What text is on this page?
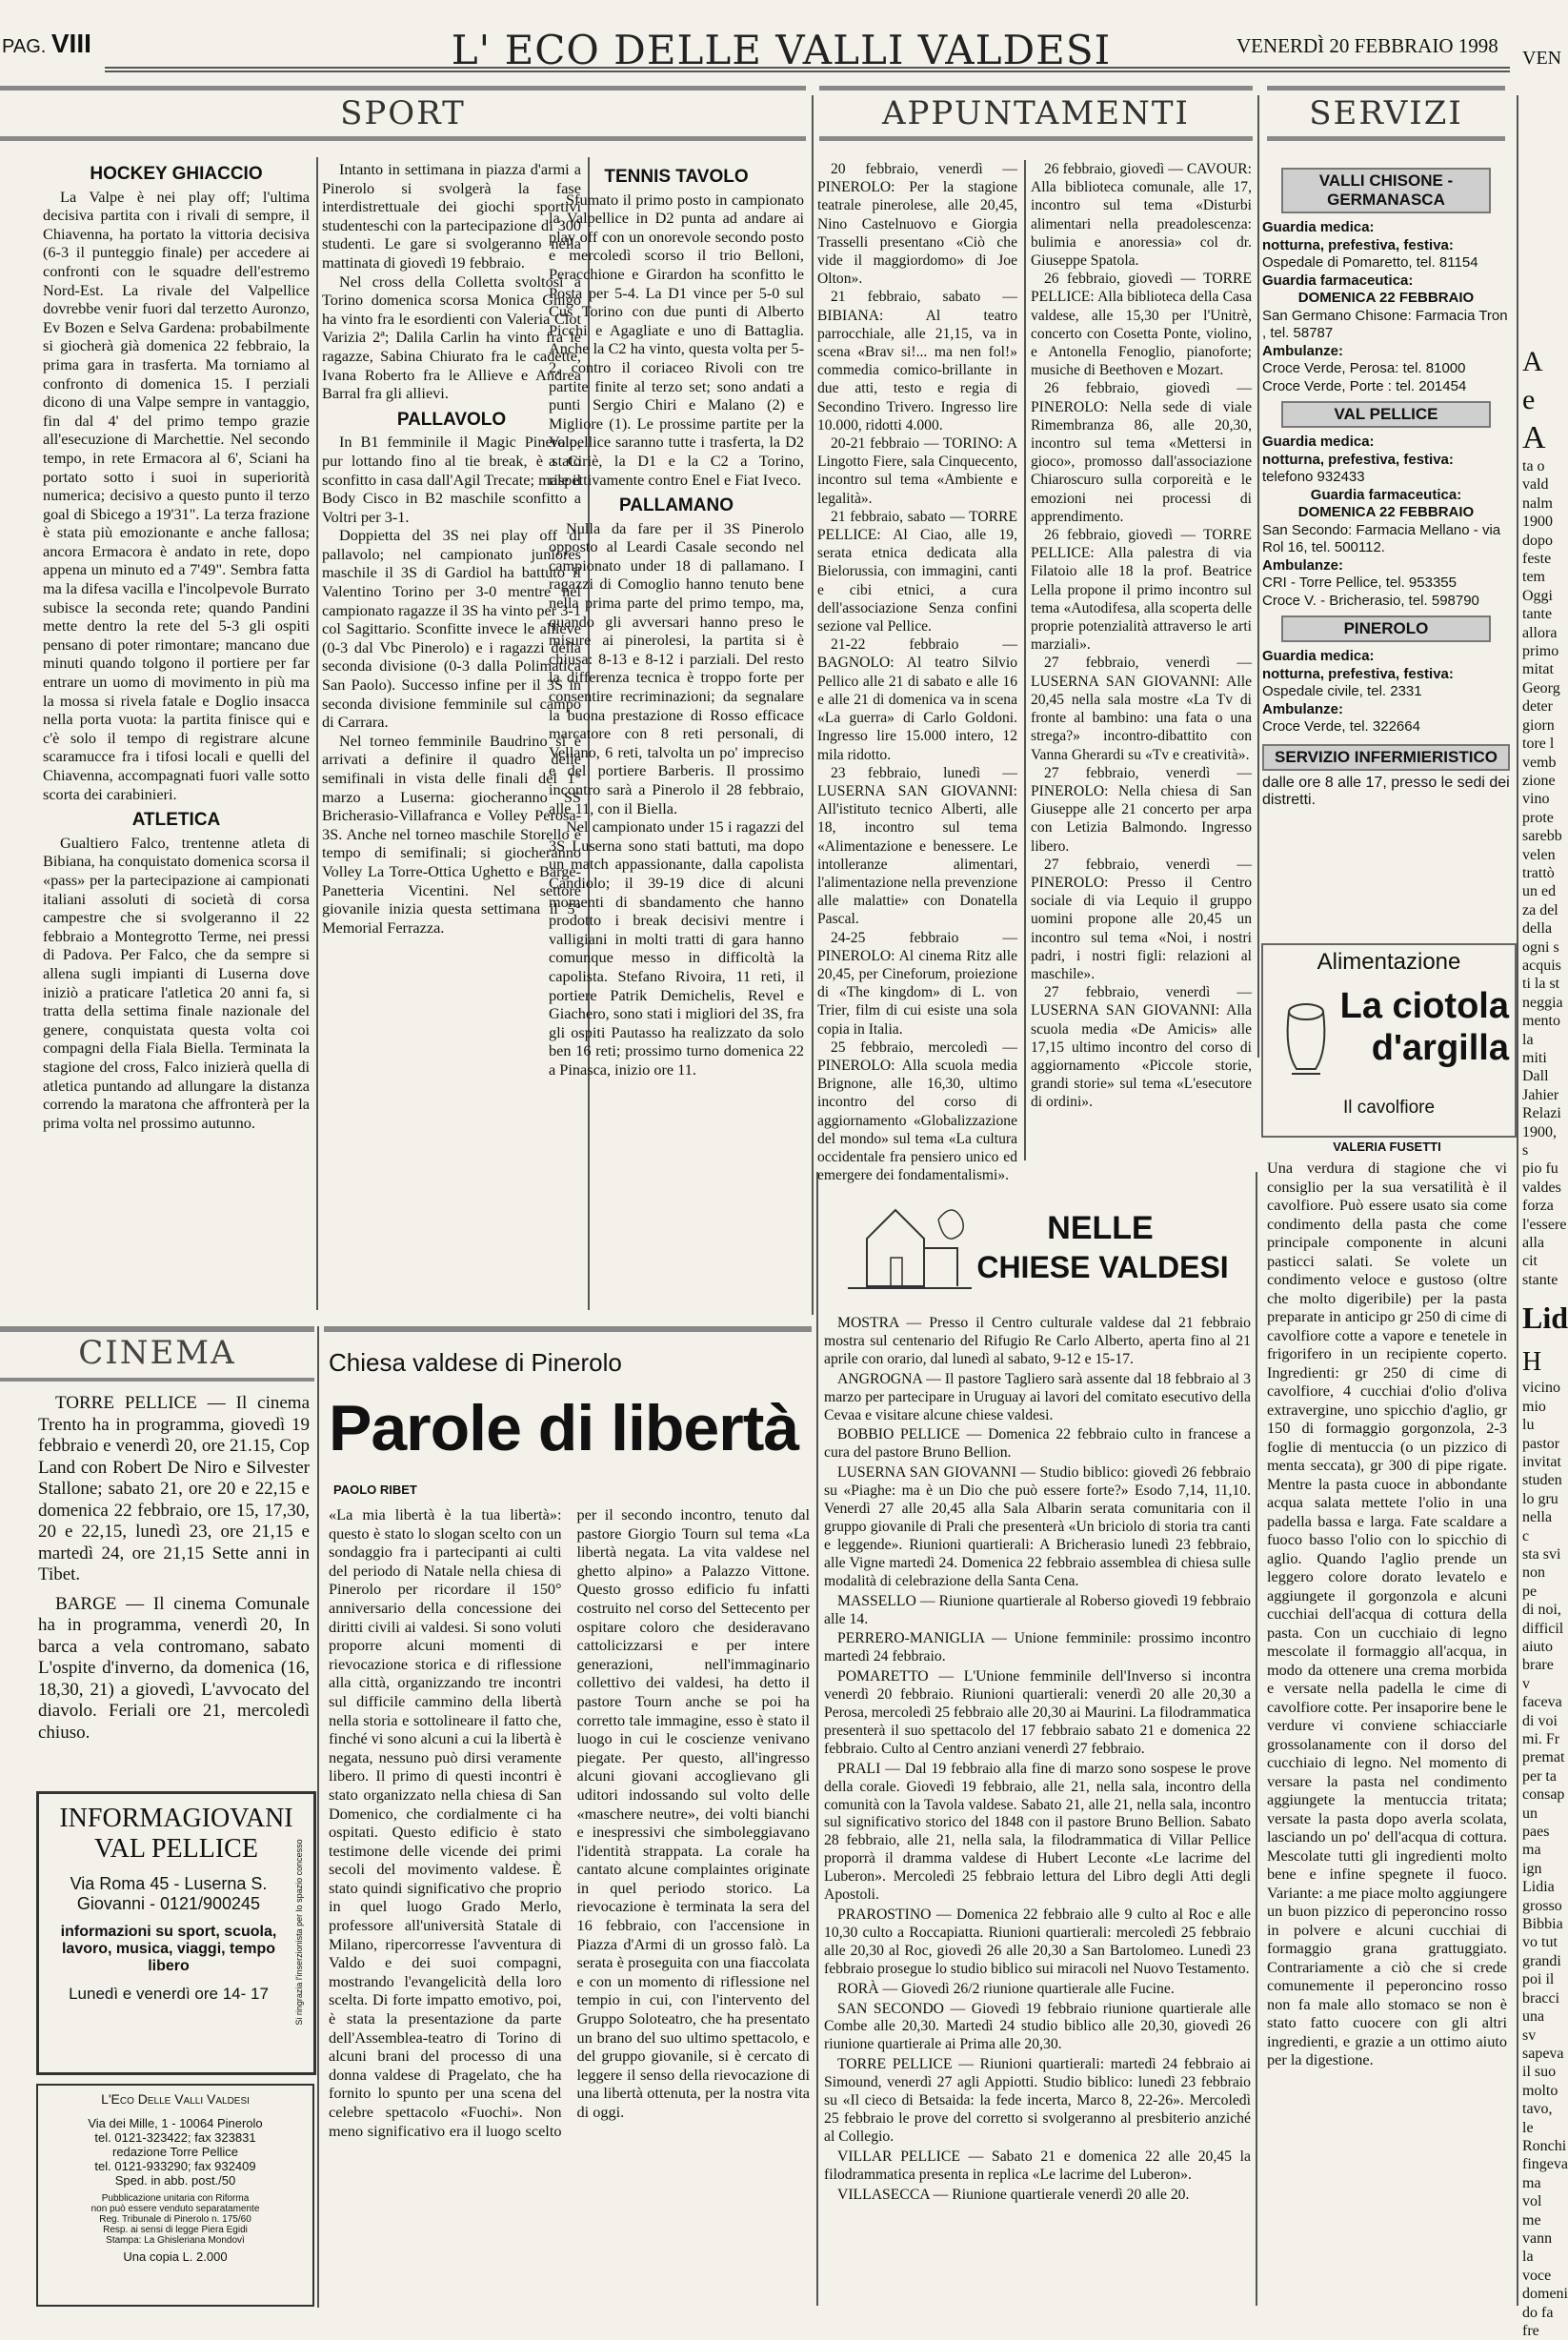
PAG. VIII	L' ECO DELLE VALLI VALDESI	VENERDÌ 20 FEBBRAIO 1998
VEN
SPORT	APPUNTAMENTI	SERVIZI
HOCKEY GHIACCIO

La Valpe è nei play off; l'ultima decisiva partita con i rivali di sempre, il Chiavenna, ha portato la vittoria decisiva (6-3 il punteggio finale) per accedere ai confronti con le squadre dell'estremo Nord-Est. La rivale del Valpellice dovrebbe venir fuori dal terzetto Auronzo, Ev Bozen e Selva Gardena: probabilmente si giocherà già domenica 22 febbraio, la prima gara in trasferta. Ma torniamo al confronto di domenica 15. I perziali dicono di una Valpe sempre in vantaggio, fin dal 4' del primo tempo grazie all'esecuzione di Marchettie. Nel secondo tempo, in rete Ermacora al 6', Sciani ha portato sotto i suoi in superiorità numerica; decisivo a questo punto il terzo goal di Sbicego a 19'31". La terza frazione è stata più emozionante e anche fallosa; ancora Ermacora è andato in rete, dopo appena un minuto ed a 7'49". Sembra fatta ma la difesa vacilla e l'incolpevole Burrato subisce la seconda rete; quando Pandini mette dentro la rete del 5-3 gli ospiti pensano di poter rimontare; mancano due minuti quando tolgono il portiere per far entrare un uomo di movimento in più ma la mossa si rivela fatale e Doglio insacca nella porta vuota: la partita finisce qui e c'è solo il tempo di registrare alcune scaramucce fra i tifosi locali e quelli del Chiavenna, accompagnati fuori valle sotto scorta dei carabinieri.

ATLETICA

Gualtiero Falco, trentenne atleta di Bibiana, ha conquistato domenica scorsa il «pass» per la partecipazione ai campionati italiani assoluti di società di corsa campestre che si svolgeranno il 22 febbraio a Montegrotto Terme, nei pressi di Padova. Per Falco, che da sempre si allena sugli impianti di Luserna dove iniziò a praticare l'atletica 20 anni fa, si tratta della settima finale nazionale del genere, conquistata questa volta coi compagni della Fiala Biella. Terminata la stagione del cross, Falco inizierà quella di atletica puntando ad allungare la distanza correndo la maratona che affronterà per la prima volta nel prossimo autunno.

Intanto in settimana in piazza d'armi a Pinerolo si svolgerà la fase interdistrettuale dei giochi sportivi studenteschi con la partecipazione di 300 studenti. Le gare si svolgeranno nella mattinata di giovedì 19 febbraio.

Nel cross della Colletta svoltosi a Torino domenica scorsa Monica Ghigo ha vinto fra le esordienti con Valeria Clot Varizia 2ª; Dalila Carlin ha vinto fra le ragazze, Sabina Chiurato fra le cadette, Ivana Roberto fra le Allieve e Andrea Barral fra gli allievi.

PALLAVOLO

In B1 femminile il Magic Pinerolo, pur lottando fino al tie break, è stato sconfitto in casa dall'Agil Trecate; male il Body Cisco in B2 maschile sconfitto a Voltri per 3-1.

Doppietta del 3S nei play off di pallavolo; nel campionato juniores maschile il 3S di Gardiol ha battuto il Valentino Torino per 3-0 mentre nel campionato ragazze il 3S ha vinto per 3-1 col Sagittario. Sconfitte invece le allieve (0-3 dal Vbc Pinerolo) e i ragazzi della seconda divisione (0-3 dalla Polimatica San Paolo). Successo infine per il 3S in seconda divisione femminile sul campo di Carrara.

Nel torneo femminile Baudrino si è arrivati a definire il quadro delle semifinali in vista delle finali del 1° marzo a Luserna: giocheranno SS Bricherasio-Villafranca e Volley Perosa-3S. Anche nel torneo maschile Storello è tempo di semifinali; si giocheranno Volley La Torre-Ottica Ughetto e Barge-Panetteria Vicentini. Nel settore giovanile inizia questa settimana il 5° Memorial Ferrazza.

TENNIS TAVOLO

Sfumato il primo posto in campionato la Valpellice in D2 punta ad andare ai play off con un onorevole secondo posto e mercoledì scorso il trio Belloni, Peracchione e Girardon ha sconfitto le Posta per 5-4. La D1 vince per 5-0 sul Cus Torino con due punti di Alberto Picchi e Agagliate e uno di Battaglia. Anche la C2 ha vinto, questa volta per 5-2, contro il coriaceo Rivoli con tre partite finite al terzo set; sono andati a punti Sergio Chiri e Malano (2) e Migliore (1). Le prossime partite per la Valpellice saranno tutte i trasferta, la D2 a Ciriè, la D1 e la C2 a Torino, rispettivamente contro Enel e Fiat Iveco.

PALLAMANO

Nulla da fare per il 3S Pinerolo opposto al Leardi Casale secondo nel campionato under 18 di pallamano. I ragazzi di Comoglio hanno tenuto bene nella prima parte del primo tempo, ma, quando gli avversari hanno preso le misure ai pinerolesi, la partita si è chiusa: 8-13 e 8-12 i parziali. Del resto la differenza tecnica è troppo forte per consentire recriminazioni; da segnalare la buona prestazione di Rosso efficace marcatore con 8 reti personali, di Vellano, 6 reti, talvolta un po' impreciso e del portiere Barberis. Il prossimo incontro sarà a Pinerolo il 28 febbraio, alle 11, con il Biella.

Nel campionato under 15 i ragazzi del 3S Luserna sono stati battuti, ma dopo un match appassionante, dalla capolista Candiolo; il 39-19 dice di alcuni momenti di sbandamento che hanno prodotto i break decisivi mentre i valligiani in molti tratti di gara hanno comunque messo in difficoltà la capolista. Stefano Rivoira, 11 reti, il portiere Patrik Demichelis, Revel e Giachero, sono stati i migliori del 3S, fra gli ospiti Pautasso ha realizzato da solo ben 16 reti; prossimo turno domenica 22 a Pinasca, inizio ore 11.

20 febbraio, venerdì — PINEROLO: Per la stagione teatrale pinerolese, alle 20,45, Nino Castelnuovo e Giorgia Trasselli presentano «Ciò che vide il maggiordomo» di Joe Olton».

21 febbraio, sabato — BIBIANA: Al teatro parrocchiale, alle 21,15, va in scena «Brav si!... ma nen fol!» commedia comico-brillante in due atti, testo e regia di Secondino Trivero. Ingresso lire 10.000, ridotti 4.000.

20-21 febbraio — TORINO: A Lingotto Fiere, sala Cinquecento, incontro sul tema «Ambiente e legalità».

21 febbraio, sabato — TORRE PELLICE: Al Ciao, alle 19, serata etnica dedicata alla Bielorussia, con immagini, canti e cibi etnici, a cura dell'associazione Senza confini sezione val Pellice.

21-22 febbraio — BAGNOLO: Al teatro Silvio Pellico alle 21 di sabato e alle 16 e alle 21 di domenica va in scena «La guerra» di Carlo Goldoni. Ingresso lire 15.000 intero, 12 mila ridotto.

23 febbraio, lunedì — LUSERNA SAN GIOVANNI: All'istituto tecnico Alberti, alle 18, incontro sul tema «Alimentazione e benessere. Le intolleranze alimentari, l'alimentazione nella prevenzione alle malattie» con Donatella Pascal.

24-25 febbraio — PINEROLO: Al cinema Ritz alle 20,45, per Cineforum, proiezione di «The kingdom» di L. von Trier, film di cui esiste una sola copia in Italia.

25 febbraio, mercoledì — PINEROLO: Alla scuola media Brignone, alle 16,30, ultimo incontro del corso di aggiornamento «Globalizzazione del mondo» sul tema «La cultura occidentale fra pensiero unico ed emergere dei fondamentalismi».

26 febbraio, giovedì — CAVOUR: Alla biblioteca comunale, alle 17, incontro sul tema «Disturbi alimentari nella preadolescenza: bulimia e anoressia» col dr. Giuseppe Spatola.

26 febbraio, giovedì — TORRE PELLICE: Alla biblioteca della Casa valdese, alle 15,30 per l'Unitrè, concerto con Cosetta Ponte, violino, e Antonella Fenoglio, pianoforte; musiche di Beethoven e Mozart.

26 febbraio, giovedì — PINEROLO: Nella sede di viale Rimembranza 86, alle 20,30, incontro sul tema «Mettersi in gioco», promosso dall'associazione Chiaroscuro sulla corporeità e le emozioni nei processi di apprendimento.

26 febbraio, giovedì — TORRE PELLICE: Alla palestra di via Filatoio alle 18 la prof. Beatrice Lella propone il primo incontro sul tema «Autodifesa, alla scoperta delle proprie potenzialità attraverso le arti marziali».

27 febbraio, venerdì — LUSERNA SAN GIOVANNI: Alle 20,45 nella sala mostre «La Tv di fronte al bambino: una fata o una strega?» incontro-dibattito con Vanna Gherardi su «Tv e creatività».

27 febbraio, venerdì — PINEROLO: Nella chiesa di San Giuseppe alle 21 concerto per arpa con Letizia Balmondo. Ingresso libero.

27 febbraio, venerdì — PINEROLO: Presso il Centro sociale di via Lequio il gruppo uomini propone alle 20,45 un incontro sul tema «Noi, i nostri padri, i nostri figli: relazioni al maschile».

27 febbraio, venerdì — LUSERNA SAN GIOVANNI: Alla scuola media «De Amicis» alle 17,15 ultimo incontro del corso di aggiornamento «Piccole storie, grandi storie» sul tema «L'esecutore di ordini».

VALLI CHISONE - GERMANASCA
Guardia medica:
notturna, prefestiva, festiva:
Ospedale di Pomaretto, tel. 81154
Guardia farmaceutica:
DOMENICA 22 FEBBRAIO
San Germano Chisone: Farmacia Tron , tel. 58787
Ambulanze:
Croce Verde, Perosa: tel. 81000
Croce Verde, Porte : tel. 201454
VAL PELLICE
Guardia medica:
notturna, prefestiva, festiva:
telefono 932433
Guardia farmaceutica:
DOMENICA 22 FEBBRAIO
San Secondo: Farmacia Mellano - via Rol 16, tel. 500112.
Ambulanze:
CRI - Torre Pellice, tel. 953355
Croce V. - Bricherasio, tel. 598790
PINEROLO
Guardia medica:
notturna, prefestiva, festiva:
Ospedale civile, tel. 2331
Ambulanze:
Croce Verde, tel. 322664
SERVIZIO INFERMIERISTICO
dalle ore 8 alle 17, presso le sedi dei distretti.
Alimentazione
La ciotola d'argilla
Il cavolfiore
VALERIA FUSETTI

Una verdura di stagione che vi consiglio per la sua versatilità è il cavolfiore. Può essere usato sia come condimento della pasta che come principale componente in alcuni pasticci salati. Se volete un condimento veloce e gustoso (oltre che molto digeribile) per la pasta preparate in anticipo gr 250 di cime di cavolfiore cotte a vapore e tenetele in frigorifero in un recipiente coperto. Ingredienti: gr 250 di cime di cavolfiore, 4 cucchiai d'olio d'oliva extravergine, uno spicchio d'aglio, gr 150 di formaggio gorgonzola, 2-3 foglie di mentuccia (o un pizzico di menta seccata), gr 300 di pipe rigate. Mentre la pasta cuoce in abbondante acqua salata mettete l'olio in una padella bassa e larga. Fate scaldare a fuoco basso l'olio con lo spicchio di aglio. Quando l'aglio prende un leggero colore dorato levatelo e aggiungete il gorgonzola e alcuni cucchiai dell'acqua di cottura della pasta. Con un cucchiaio di legno mescolate il formaggio all'acqua, in modo da ottenere una crema morbida e versate nella padella le cime di cavolfiore cotte. Per insaporire bene le verdure vi conviene schiacciarle grossolanamente con il dorso del cucchiaio di legno. Nel momento di versare la pasta nel condimento aggiungete la mentuccia tritata; versate la pasta dopo averla scolata, lasciando un po' dell'acqua di cottura. Mescolate tutti gli ingredienti molto bene e infine spegnete il fuoco. Variante: a me piace molto aggiungere un buon pizzico di peperoncino rosso in polvere e alcuni cucchiai di formaggio grana grattuggiato. Contrariamente a ciò che si crede comunemente il peperoncino rosso non fa male allo stomaco se non è stato fatto cuocere con gli altri ingredienti, e grazie a un ottimo aiuto per la digestione.

A
e
A
ta o
vald
nalm
1900
dopo
feste
tem
Oggi
tante
allora
primo
mitat
Georg
deter
giorn
tore l
vemb
zione
vino
prote
sarebb
velen
trattò
un ed
za del
della
ogni s
acquis
ti la st
neggia
mento
la miti
Dall
Jahier
Relazi
1900, s
pio fu
valdes
forza
l'essere
alla cit
stante
Lid
H
vicino
mio lu
pastor
invitat
studen
lo gru
nella c
sta svi
non pe
di noi,
difficil
aiuto
brare v
faceva
di voi
mi. Fr
premat
per ta
consap
un paes
ma ign
Lidia
grosso
Bibbia
vo tut
grandi
poi il
bracci
una sv
sapeva
il suo
molto
tavo, le
Ronchi
fingeva
ma vol
me vann
la voce
domeni
do fa fre
CINEMA

TORRE PELLICE — Il cinema Trento ha in programma, giovedì 19 febbraio e venerdì 20, ore 21.15, Cop Land con Robert De Niro e Silvester Stallone; sabato 21, ore 20 e 22,15 e domenica 22 febbraio, ore 15, 17,30, 20 e 22,15, lunedì 23, ore 21,15 e martedì 24, ore 21,15 Sette anni in Tibet.

BARGE — Il cinema Comunale ha in programma, venerdì 20, In barca a vela contromano, sabato L'ospite d'inverno, da domenica (16, 18,30, 21) a giovedì, L'avvocato del diavolo. Feriali ore 21, mercoledì chiuso.

INFORMAGIOVANI
VAL PELLICE
Via Roma 45 - Luserna S. Giovanni - 0121/900245
informazioni su sport, scuola, lavoro, musica, viaggi, tempo libero
Lunedì e venerdì ore 14- 17	Si ringrazia l'inserzionista per lo spazio concesso
L'Eco Delle Valli Valdesi
Via dei Mille, 1 - 10064 Pinerolo
tel. 0121-323422; fax 323831
redazione Torre Pellice
tel. 0121-933290; fax 932409
Sped. in abb. post./50
Pubblicazione unitaria con Riforma
non può essere venduto separatamente
Reg. Tribunale di Pinerolo n. 175/60
Resp. ai sensi di legge Piera Egidi
Stampa: La Ghisleriana Mondovì
Una copia L. 2.000
Chiesa valdese di Pinerolo
Parole di libertà
PAOLO RIBET

«La mia libertà è la tua libertà»: questo è stato lo slogan scelto con un sondaggio fra i partecipanti ai culti del periodo di Natale nella chiesa di Pinerolo per ricordare il 150° anniversario della concessione dei diritti civili ai valdesi. Si sono voluti proporre alcuni momenti di rievocazione storica e di riflessione alla città, organizzando tre incontri sul difficile cammino della libertà nella storia e sottolineare il fatto che, finché vi sono alcuni a cui la libertà è negata, nessuno può dirsi veramente libero. Il primo di questi incontri è stato organizzato nella chiesa di San Domenico, che cordialmente ci ha ospitati. Questo edificio è stato testimone delle vicende dei primi secoli del movimento valdese. È stato quindi significativo che proprio in quel luogo Grado Merlo, professore all'università Statale di Milano, ripercorresse l'avventura di Valdo e dei suoi compagni, mostrando l'evangelicità della loro scelta. Di forte impatto emotivo, poi, è stata la presentazione da parte dell'Assemblea-teatro di Torino di alcuni brani del processo di una donna valdese di Pragelato, che ha fornito lo spunto per una scena del celebre spettacolo «Fuochi». Non meno significativo era il luogo scelto per il secondo incontro, tenuto dal pastore Giorgio Tourn sul tema «La libertà negata. La vita valdese nel ghetto alpino» a Palazzo Vittone. Questo grosso edificio fu infatti costruito nel corso del Settecento per ospitare coloro che desideravano cattolicizzarsi e per intere generazioni, nell'immaginario collettivo dei valdesi, ha detto il pastore Tourn anche se poi ha corretto tale immagine, esso è stato il luogo in cui le coscienze venivano piegate. Per questo, all'ingresso alcuni giovani accoglievano gli uditori indossando sul volto delle «maschere neutre», dei volti bianchi e inespressivi che simboleggiavano l'identità strappata. La corale ha cantato alcune complaintes originate in quel periodo storico. La rievocazione è terminata la sera del 16 febbraio, con l'accensione in Piazza d'Armi di un grosso falò. La serata è proseguita con una fiaccolata e con un momento di riflessione nel tempio in cui, con l'intervento del Gruppo Soloteatro, che ha presentato un brano del suo ultimo spettacolo, e del gruppo giovanile, si è cercato di leggere il senso della rievocazione di una libertà ottenuta, per la nostra vita di oggi.

NELLE
CHIESE VALDESI

MOSTRA — Presso il Centro culturale valdese dal 21 febbraio mostra sul centenario del Rifugio Re Carlo Alberto, aperta fino al 21 aprile con orario, dal lunedì al sabato, 9-12 e 15-17.

ANGROGNA — Il pastore Tagliero sarà assente dal 18 febbraio al 3 marzo per partecipare in Uruguay ai lavori del comitato esecutivo della Cevaa e visitare alcune chiese valdesi.

BOBBIO PELLICE — Domenica 22 febbraio culto in francese a cura del pastore Bruno Bellion.

LUSERNA SAN GIOVANNI — Studio biblico: giovedì 26 febbraio su «Piaghe: ma è un Dio che può essere forte?» Esodo 7,14, 11,10. Venerdì 27 alle 20,45 alla Sala Albarin serata comunitaria con il gruppo giovanile di Prali che presenterà «Un briciolo di storia tra canti e leggende». Riunioni quartierali: A Bricherasio lunedì 23 febbraio, alle Vigne martedì 24. Domenica 22 febbraio assemblea di chiesa sulle modalità di celebrazione della Santa Cena.

MASSELLO — Riunione quartierale al Roberso giovedì 19 febbraio alle 14.

PERRERO-MANIGLIA — Unione femminile: prossimo incontro martedì 24 febbraio.

POMARETTO — L'Unione femminile dell'Inverso si incontra venerdì 20 febbraio. Riunioni quartierali: venerdì 20 alle 20,30 a Perosa, mercoledì 25 febbraio alle 20,30 ai Maurini. La filodrammatica presenterà il suo spettacolo del 17 febbraio sabato 21 e domenica 22 febbraio. Culto al Centro anziani venerdì 27 febbraio.

PRALI — Dal 19 febbraio alla fine di marzo sono sospese le prove della corale. Giovedì 19 febbraio, alle 21, nella sala, incontro della comunità con la Tavola valdese. Sabato 21, alle 21, nella sala, incontro sul significativo storico del 1848 con il pastore Bruno Bellion. Sabato 28 febbraio, alle 21, nella sala, la filodrammatica di Villar Pellice proporrà il dramma valdese di Hubert Leconte «Le lacrime del Luberon». Mercoledì 25 febbraio lettura del Libro degli Atti degli Apostoli.

PRAROSTINO — Domenica 22 febbraio alle 9 culto al Roc e alle 10,30 culto a Roccapiatta. Riunioni quartierali: mercoledì 25 febbraio alle 20,30 al Roc, giovedì 26 alle 20,30 a San Bartolomeo. Lunedì 23 febbraio prosegue lo studio biblico sui miracoli nel Nuovo Testamento.

RORÀ — Giovedì 26/2 riunione quartierale alle Fucine.

SAN SECONDO — Giovedì 19 febbraio riunione quartierale alle Combe alle 20,30. Martedì 24 studio biblico alle 20,30, giovedì 26 riunione quartierale ai Prima alle 20,30.

TORRE PELLICE — Riunioni quartierali: martedì 24 febbraio ai Simound, venerdì 27 agli Appiotti. Studio biblico: lunedì 23 febbraio su «Il cieco di Betsaida: la fede incerta, Marco 8, 22-26». Mercoledì 25 febbraio le prove del corretto si svolgeranno al presbiterio anziché al Collegio.

VILLAR PELLICE — Sabato 21 e domenica 22 alle 20,45 la filodrammatica presenta in replica «Le lacrime del Luberon».

VILLASECCA — Riunione quartierale venerdì 20 alle 20.
